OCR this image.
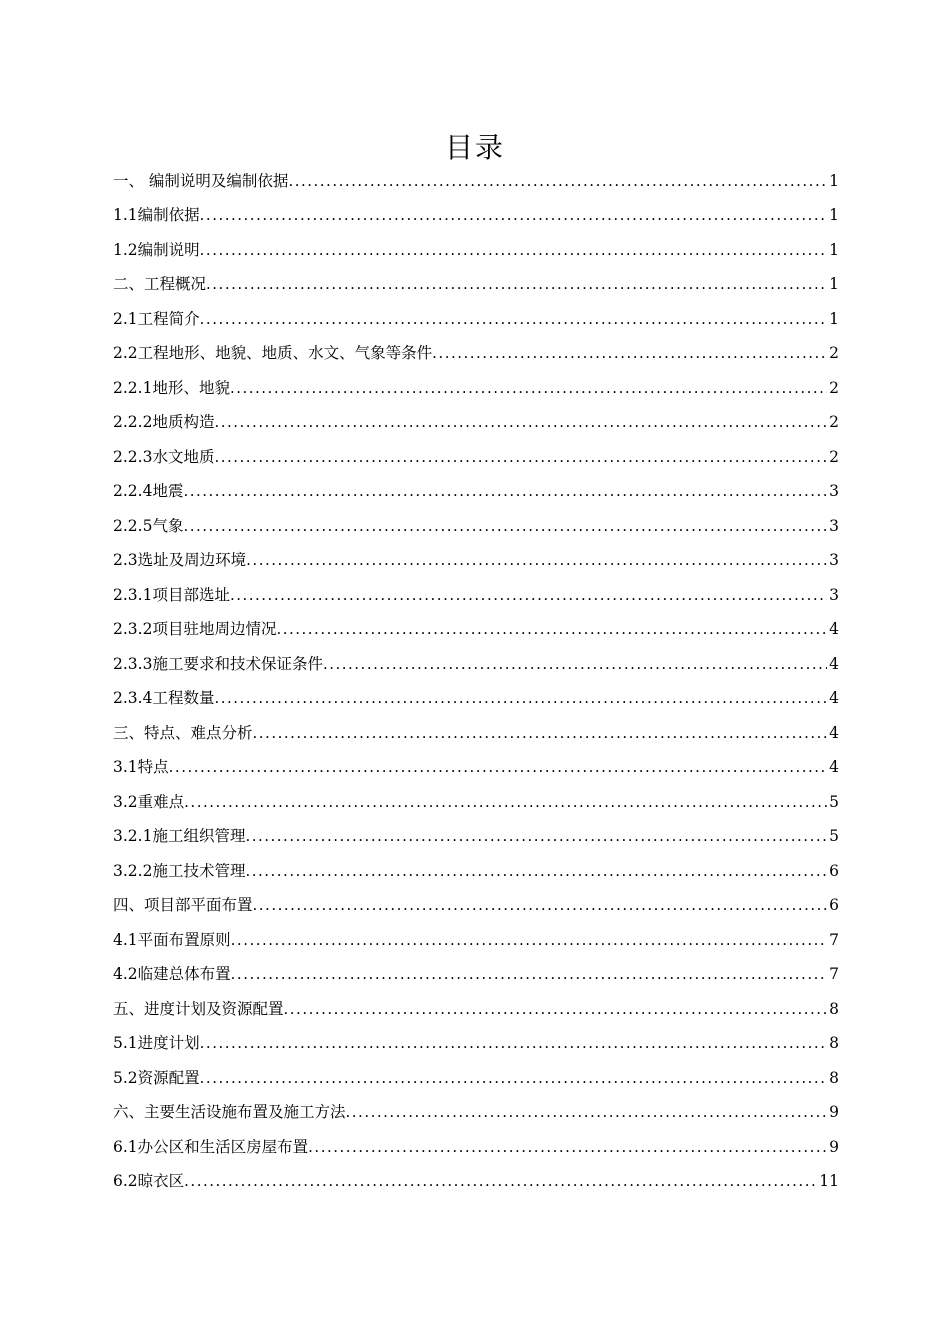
目录
一、 编制说明及编制依据 .....	1
1.1编制依据 .....	1
1.2编制说明 .....	1
二、工程概况 .....	1
2.1工程简介 .....	1
2.2工程地形、地貌、地质、水文、气象等条件 .....	2
2.2.1地形、地貌 .....	2
2.2.2地质构造 .....	2
2.2.3水文地质 .....	2
2.2.4地震 .....	3
2.2.5气象 .....	3
2.3选址及周边环境 .....	3
2.3.1项目部选址 .....	3
2.3.2项目驻地周边情况 .....	4
2.3.3施工要求和技术保证条件 .....	4
2.3.4工程数量 .....	4
三、特点、难点分析 .....	4
3.1特点 .....	4
3.2重难点 .....	5
3.2.1施工组织管理 .....	5
3.2.2施工技术管理 .....	6
四、项目部平面布置 .....	6
4.1平面布置原则 .....	7
4.2临建总体布置 .....	7
五、进度计划及资源配置 .....	8
5.1进度计划 .....	8
5.2资源配置 .....	8
六、主要生活设施布置及施工方法 .....	9
6.1办公区和生活区房屋布置 .....	9
6.2晾衣区 .....	11
